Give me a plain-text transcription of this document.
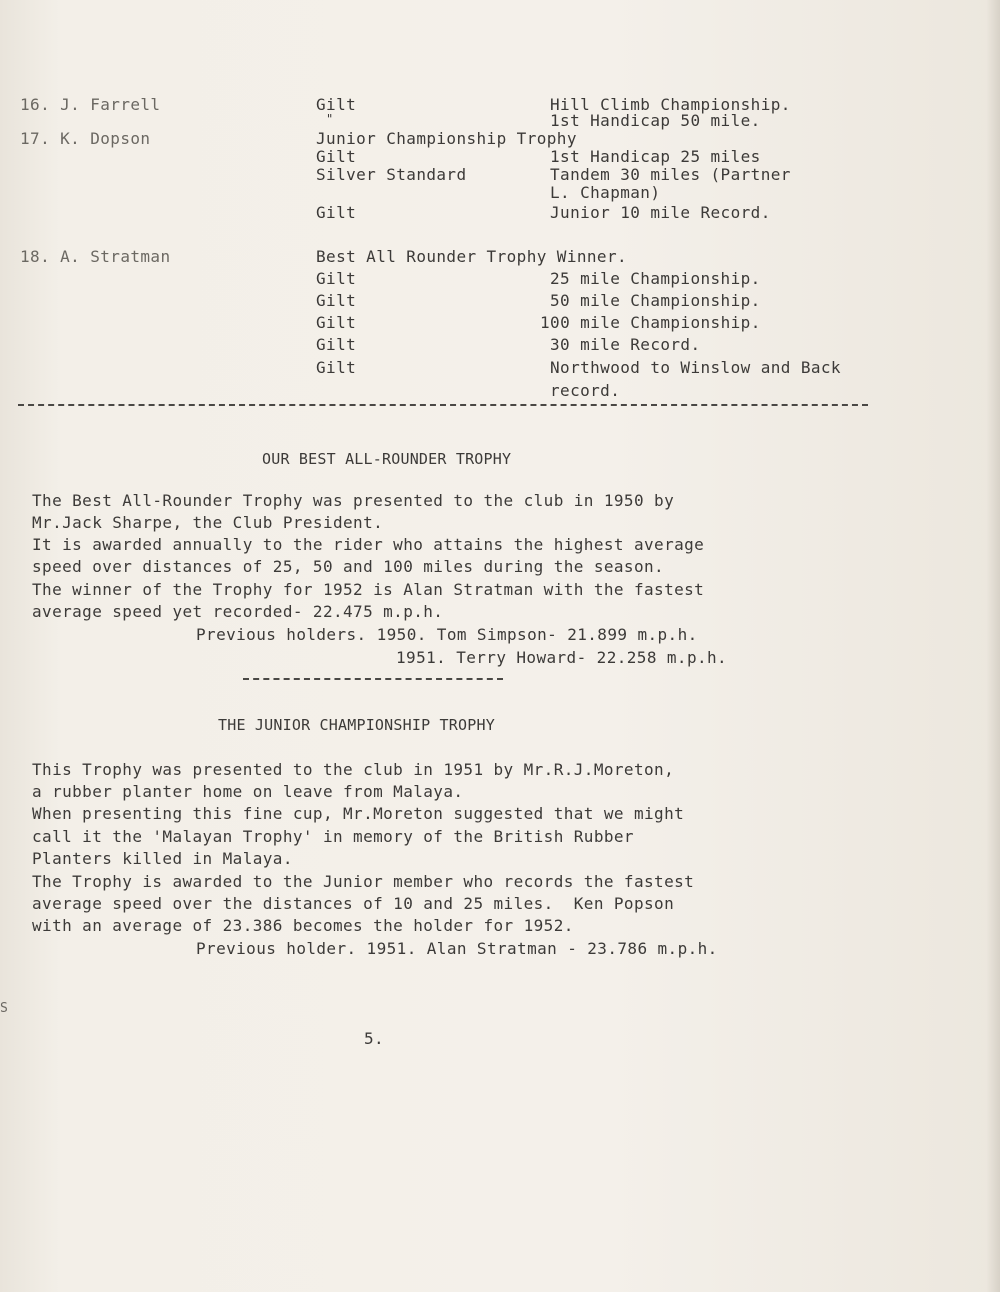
16. J. Farrell	Gilt	Hill Climb Championship.
"	1st Handicap 50 mile.
17. K. Dopson	Junior Championship Trophy
Gilt	1st Handicap 25 miles
Silver Standard	Tandem 30 miles (Partner
L. Chapman)
Gilt	Junior 10 mile Record.
18. A. Stratman	Best All Rounder Trophy Winner.
Gilt	25 mile Championship.
Gilt	50 mile Championship.
Gilt	100 mile Championship.
Gilt	30 mile Record.
Gilt	Northwood to Winslow and Back
record.
OUR BEST ALL-ROUNDER TROPHY
The Best All-Rounder Trophy was presented to the club in 1950 by
Mr.Jack Sharpe, the Club President.
It is awarded annually to the rider who attains the highest average
speed over distances of 25, 50 and 100 miles during the season.
The winner of the Trophy for 1952 is Alan Stratman with the fastest
average speed yet recorded- 22.475 m.p.h.
Previous holders. 1950. Tom Simpson- 21.899 m.p.h.
1951. Terry Howard- 22.258 m.p.h.
THE JUNIOR CHAMPIONSHIP TROPHY
This Trophy was presented to the club in 1951 by Mr.R.J.Moreton,
a rubber planter home on leave from Malaya.
When presenting this fine cup, Mr.Moreton suggested that we might
call it the 'Malayan Trophy' in memory of the British Rubber
Planters killed in Malaya.
The Trophy is awarded to the Junior member who records the fastest
average speed over the distances of 10 and 25 miles.  Ken Popson
with an average of 23.386 becomes the holder for 1952.
Previous holder. 1951. Alan Stratman - 23.786 m.p.h.
S
5.
